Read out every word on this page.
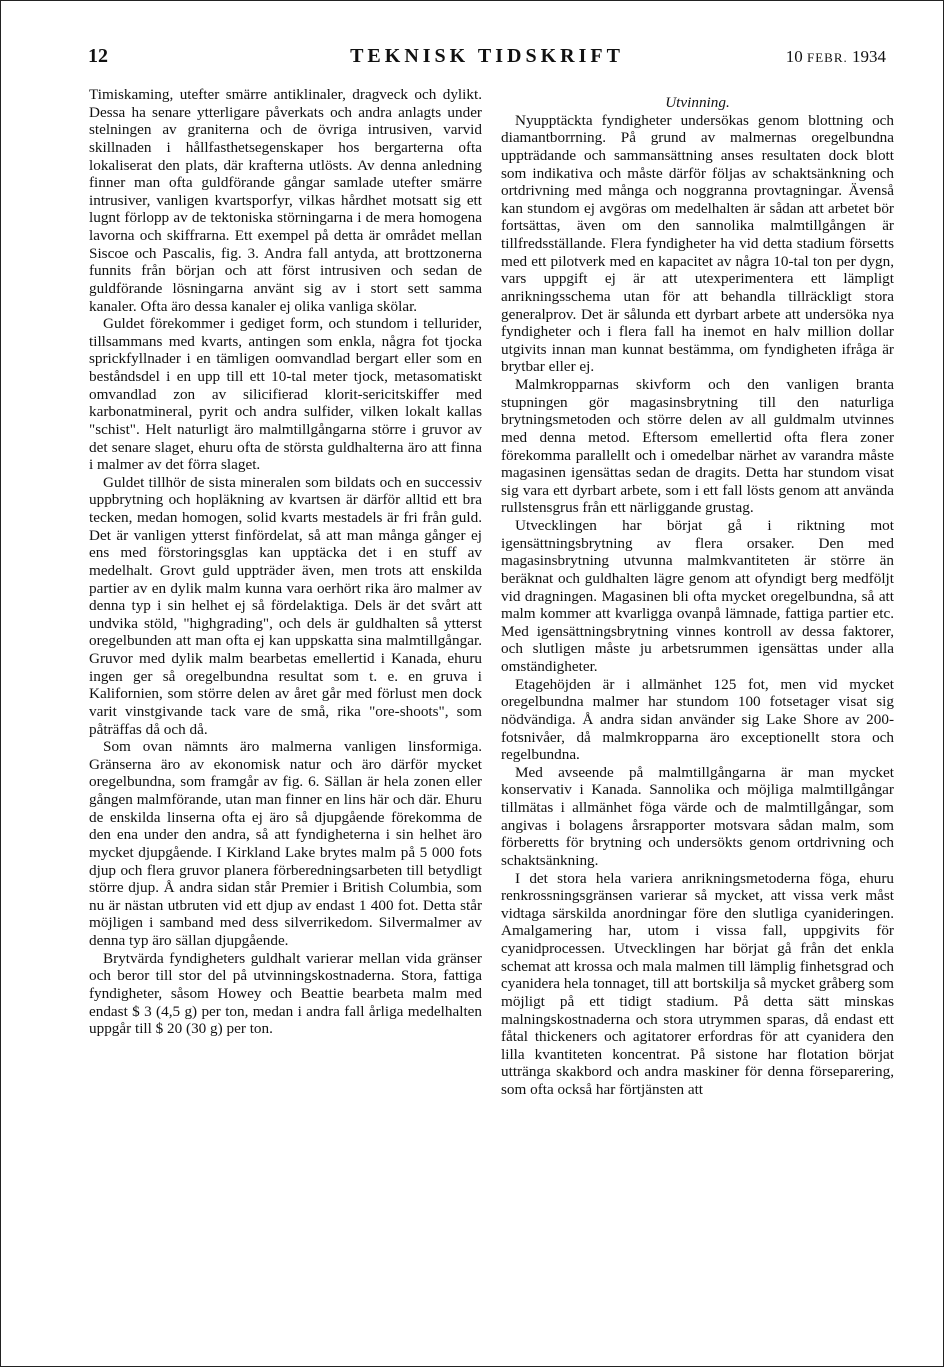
12	TEKNISK TIDSKRIFT	10 FEBR. 1934

Timiskaming, utefter smärre antiklinaler, dragveck och dylikt. Dessa ha senare ytterligare påverkats och andra anlagts under stelningen av graniterna och de övriga intrusiven, varvid skillnaden i hållfasthetsegenskaper hos bergarterna ofta lokaliserat den plats, där krafterna utlösts. Av denna anledning finner man ofta guldförande gångar samlade utefter smärre intrusiver, vanligen kvartsporfyr, vilkas hårdhet motsatt sig ett lugnt förlopp av de tektoniska störningarna i de mera homogena lavorna och skiffrarna. Ett exempel på detta är området mellan Siscoe och Pascalis, fig. 3. Andra fall antyda, att brottzonerna funnits från början och att först intrusiven och sedan de guldförande lösningarna använt sig av i stort sett samma kanaler. Ofta äro dessa kanaler ej olika vanliga skölar.

Guldet förekommer i gediget form, och stundom i tellurider, tillsammans med kvarts, antingen som enkla, några fot tjocka sprickfyllnader i en tämligen oomvandlad bergart eller som en beståndsdel i en upp till ett 10-tal meter tjock, metasomatiskt omvandlad zon av silicifierad klorit-sericitskiffer med karbonatmineral, pyrit och andra sulfider, vilken lokalt kallas "schist". Helt naturligt äro malmtillgångarna större i gruvor av det senare slaget, ehuru ofta de största guldhalterna äro att finna i malmer av det förra slaget.

Guldet tillhör de sista mineralen som bildats och en successiv uppbrytning och hopläkning av kvartsen är därför alltid ett bra tecken, medan homogen, solid kvarts mestadels är fri från guld. Det är vanligen ytterst finfördelat, så att man många gånger ej ens med förstoringsglas kan upptäcka det i en stuff av medelhalt. Grovt guld uppträder även, men trots att enskilda partier av en dylik malm kunna vara oerhört rika äro malmer av denna typ i sin helhet ej så fördelaktiga. Dels är det svårt att undvika stöld, "highgrading", och dels är guldhalten så ytterst oregelbunden att man ofta ej kan uppskatta sina malmtillgångar. Gruvor med dylik malm bearbetas emellertid i Kanada, ehuru ingen ger så oregelbundna resultat som t. e. en gruva i Kalifornien, som större delen av året går med förlust men dock varit vinstgivande tack vare de små, rika "ore-shoots", som påträffas då och då.

Som ovan nämnts äro malmerna vanligen linsformiga. Gränserna äro av ekonomisk natur och äro därför mycket oregelbundna, som framgår av fig. 6. Sällan är hela zonen eller gången malmförande, utan man finner en lins här och där. Ehuru de enskilda linserna ofta ej äro så djupgående förekomma de den ena under den andra, så att fyndigheterna i sin helhet äro mycket djupgående. I Kirkland Lake brytes malm på 5 000 fots djup och flera gruvor planera förberedningsarbeten till betydligt större djup. Å andra sidan står Premier i British Columbia, som nu är nästan utbruten vid ett djup av endast 1 400 fot. Detta står möjligen i samband med dess silverrikedom. Silvermalmer av denna typ äro sällan djupgående.

Brytvärda fyndigheters guldhalt varierar mellan vida gränser och beror till stor del på utvinningskostnaderna. Stora, fattiga fyndigheter, såsom Howey och Beattie bearbeta malm med endast $ 3 (4,5 g) per ton, medan i andra fall årliga medelhalten uppgår till $ 20 (30 g) per ton.

Utvinning.

Nyupptäckta fyndigheter undersökas genom blottning och diamantborrning. På grund av malmernas oregelbundna uppträdande och sammansättning anses resultaten dock blott som indikativa och måste därför följas av schaktsänkning och ortdrivning med många och noggranna provtagningar. Ävenså kan stundom ej avgöras om medelhalten är sådan att arbetet bör fortsättas, även om den sannolika malmtillgången är tillfredsställande. Flera fyndigheter ha vid detta stadium försetts med ett pilotverk med en kapacitet av några 10-tal ton per dygn, vars uppgift ej är att utexperimentera ett lämpligt anrikningsschema utan för att behandla tillräckligt stora generalprov. Det är sålunda ett dyrbart arbete att undersöka nya fyndigheter och i flera fall ha inemot en halv million dollar utgivits innan man kunnat bestämma, om fyndigheten ifråga är brytbar eller ej.

Malmkropparnas skivform och den vanligen branta stupningen gör magasinsbrytning till den naturliga brytningsmetoden och större delen av all guldmalm utvinnes med denna metod. Eftersom emellertid ofta flera zoner förekomma parallellt och i omedelbar närhet av varandra måste magasinen igensättas sedan de dragits. Detta har stundom visat sig vara ett dyrbart arbete, som i ett fall lösts genom att använda rullstensgrus från ett närliggande grustag.

Utvecklingen har börjat gå i riktning mot igensättningsbrytning av flera orsaker. Den med magasinsbrytning utvunna malmkvantiteten är större än beräknat och guldhalten lägre genom att ofyndigt berg medföljt vid dragningen. Magasinen bli ofta mycket oregelbundna, så att malm kommer att kvarligga ovanpå lämnade, fattiga partier etc. Med igensättningsbrytning vinnes kontroll av dessa faktorer, och slutligen måste ju arbetsrummen igensättas under alla omständigheter.

Etagehöjden är i allmänhet 125 fot, men vid mycket oregelbundna malmer har stundom 100 fotsetager visat sig nödvändiga. Å andra sidan använder sig Lake Shore av 200-fotsnivåer, då malmkropparna äro exceptionellt stora och regelbundna.

Med avseende på malmtillgångarna är man mycket konservativ i Kanada. Sannolika och möjliga malmtillgångar tillmätas i allmänhet föga värde och de malmtillgångar, som angivas i bolagens årsrapporter motsvara sådan malm, som förberetts för brytning och undersökts genom ortdrivning och schaktsänkning.

I det stora hela variera anrikningsmetoderna föga, ehuru renkrossningsgränsen varierar så mycket, att vissa verk måst vidtaga särskilda anordningar före den slutliga cyanideringen. Amalgamering har, utom i vissa fall, uppgivits för cyanidprocessen. Utvecklingen har börjat gå från det enkla schemat att krossa och mala malmen till lämplig finhetsgrad och cyanidera hela tonnaget, till att bortskilja så mycket gråberg som möjligt på ett tidigt stadium. På detta sätt minskas malningskostnaderna och stora utrymmen sparas, då endast ett fåtal thickeners och agitatorer erfordras för att cyanidera den lilla kvantiteten koncentrat. På sistone har flotation börjat uttränga skakbord och andra maskiner för denna förseparering, som ofta också har förtjänsten att
